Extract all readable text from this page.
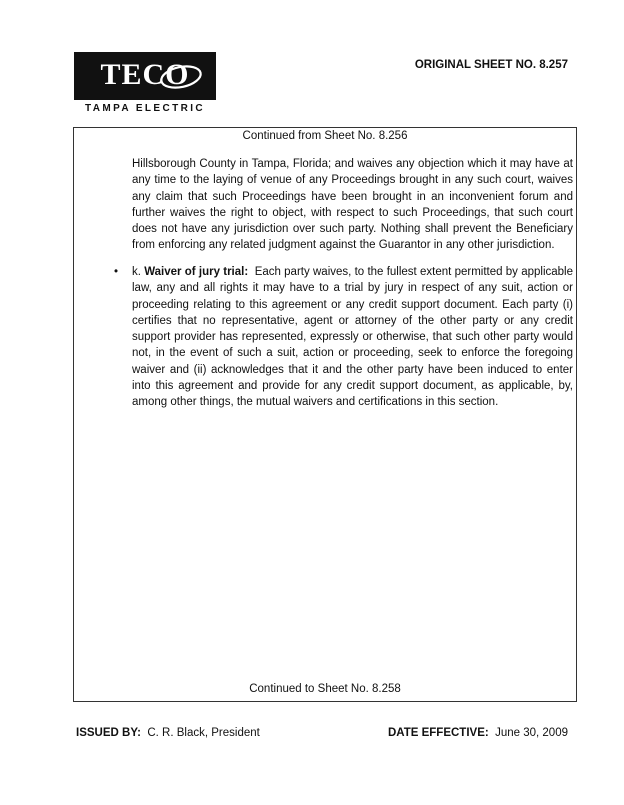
TECO
TAMPA ELECTRIC
ORIGINAL SHEET NO. 8.257
Continued from Sheet No. 8.256

Hillsborough County in Tampa, Florida; and waives any objection which it may have at any time to the laying of venue of any Proceedings brought in any such court, waives any claim that such Proceedings have been brought in an inconvenient forum and further waives the right to object, with respect to such Proceedings, that such court does not have any jurisdiction over such party. Nothing shall prevent the Beneficiary from enforcing any related judgment against the Guarantor in any other jurisdiction.

• k. Waiver of jury trial: Each party waives, to the fullest extent permitted by applicable law, any and all rights it may have to a trial by jury in respect of any suit, action or proceeding relating to this agreement or any credit support document. Each party (i) certifies that no representative, agent or attorney of the other party or any credit support provider has represented, expressly or otherwise, that such other party would not, in the event of such a suit, action or proceeding, seek to enforce the foregoing waiver and (ii) acknowledges that it and the other party have been induced to enter into this agreement and provide for any credit support document, as applicable, by, among other things, the mutual waivers and certifications in this section.

Continued to Sheet No. 8.258
ISSUED BY: C. R. Black, President	DATE EFFECTIVE: June 30, 2009
